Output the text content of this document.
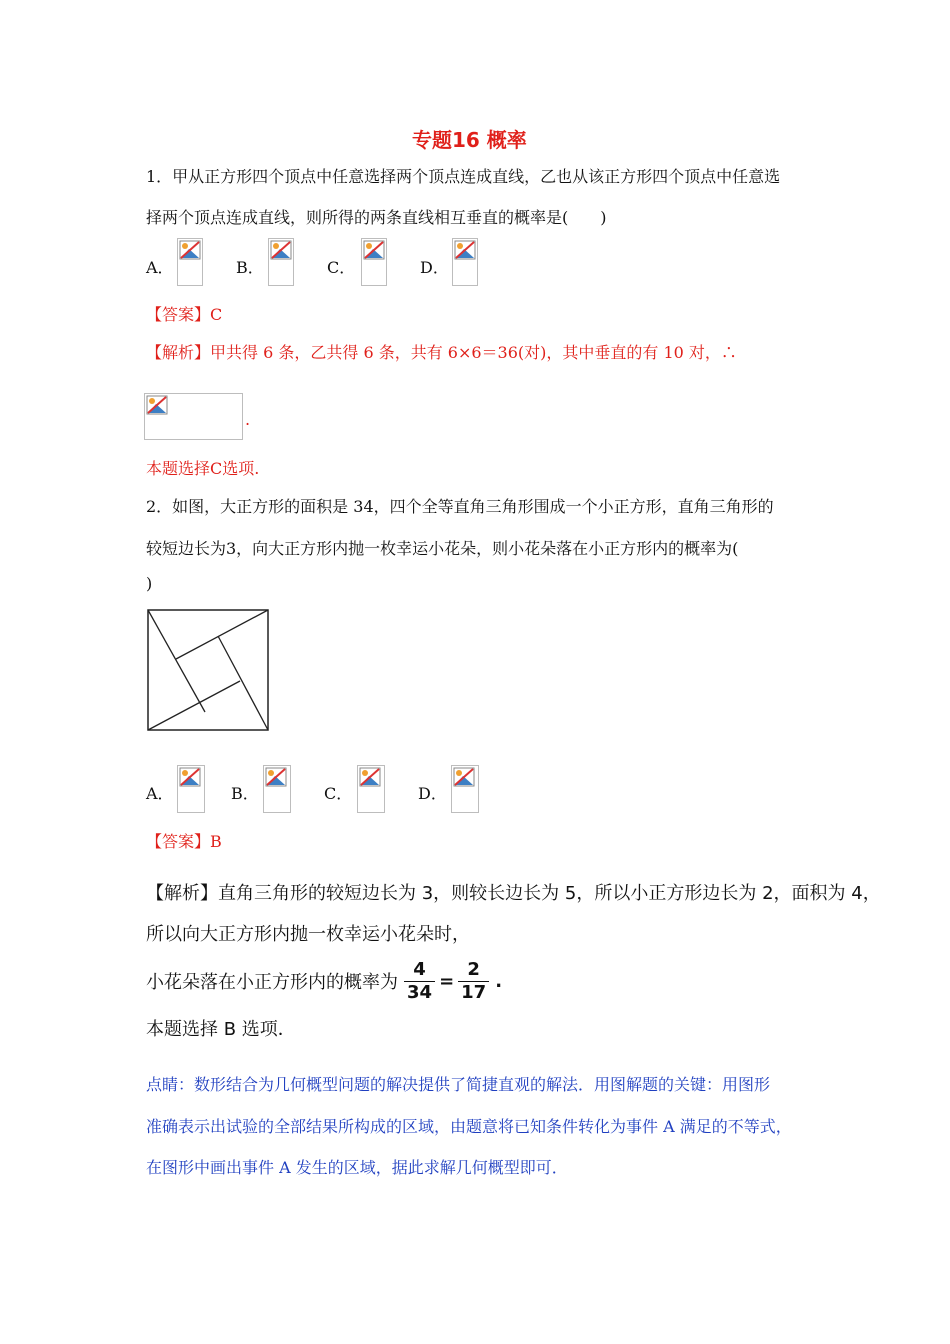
专题16 概率
1．甲从正方形四个顶点中任意选择两个顶点连成直线，乙也从该正方形四个顶点中任意选
择两个顶点连成直线，则所得的两条直线相互垂直的概率是(　　)
A．	B．	C．	D．
【答案】C
【解析】甲共得 6 条，乙共得 6 条，共有 6×6＝36(对)，其中垂直的有 10 对，∴
.
本题选择C选项.
2．如图，大正方形的面积是 34，四个全等直角三角形围成一个小正方形，直角三角形的
较短边长为3，向大正方形内抛一枚幸运小花朵，则小花朵落在小正方形内的概率为(
)
A．	B．	C．	D．
【答案】B
【解析】直角三角形的较短边长为 3，则较长边长为 5，所以小正方形边长为 2，面积为 4，
所以向大正方形内抛一枚幸运小花朵时，
小花朵落在小正方形内的概率为 $\frac{4}{34} = \frac{2}{17}$ .
本题选择 B 选项．
点睛：数形结合为几何概型问题的解决提供了简捷直观的解法．用图解题的关键：用图形
准确表示出试验的全部结果所构成的区域，由题意将已知条件转化为事件 A 满足的不等式，
在图形中画出事件 A 发生的区域，据此求解几何概型即可．
